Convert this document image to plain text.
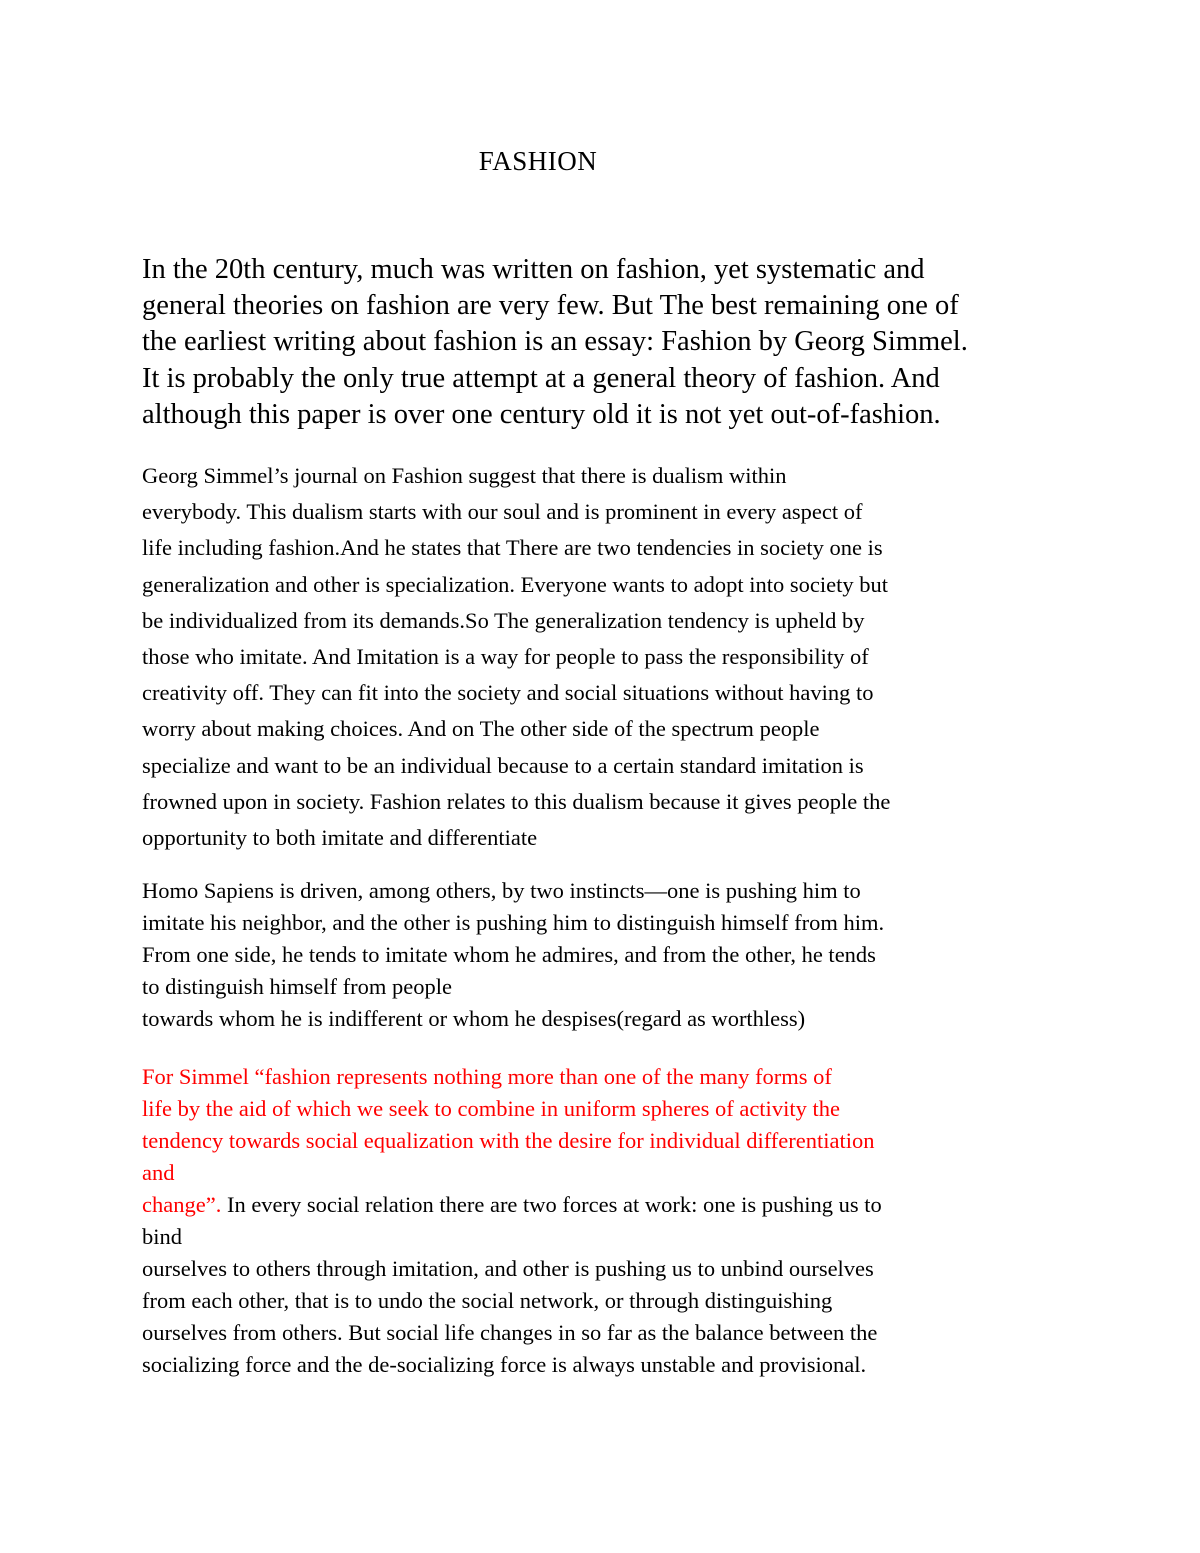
FASHION

In the 20th century, much was written on fashion, yet systematic and
general theories on fashion are very few. But The best remaining one of
the earliest writing about fashion is an essay: Fashion by Georg Simmel.
It is probably the only true attempt at a general theory of fashion. And
although this paper is over one century old it is not yet out-of-fashion.

Georg Simmel’s journal on Fashion suggest that there is dualism within
everybody. This dualism starts with our soul and is prominent in every aspect of
life including fashion.And he states that There are two tendencies in society one is
generalization and other is specialization. Everyone wants to adopt into society but
be individualized from its demands.So The generalization tendency is upheld by
those who imitate. And Imitation is a way for people to pass the responsibility of
creativity off. They can fit into the society and social situations without having to
worry about making choices. And on The other side of the spectrum people
specialize and want to be an individual because to a certain standard imitation is
frowned upon in society. Fashion relates to this dualism because it gives people the
opportunity to both imitate and differentiate

Homo Sapiens is driven, among others, by two instincts—one is pushing him to
imitate his neighbor, and the other is pushing him to distinguish himself from him.
From one side, he tends to imitate whom he admires, and from the other, he tends
to distinguish himself from people
towards whom he is indifferent or whom he despises(regard as worthless)

For Simmel “fashion represents nothing more than one of the many forms of
life by the aid of which we seek to combine in uniform spheres of activity the
tendency towards social equalization with the desire for individual differentiation
and
change”. In every social relation there are two forces at work: one is pushing us to
bind
ourselves to others through imitation, and other is pushing us to unbind ourselves
from each other, that is to undo the social network, or through distinguishing
ourselves from others. But social life changes in so far as the balance between the
socializing force and the de-socializing force is always unstable and provisional.
